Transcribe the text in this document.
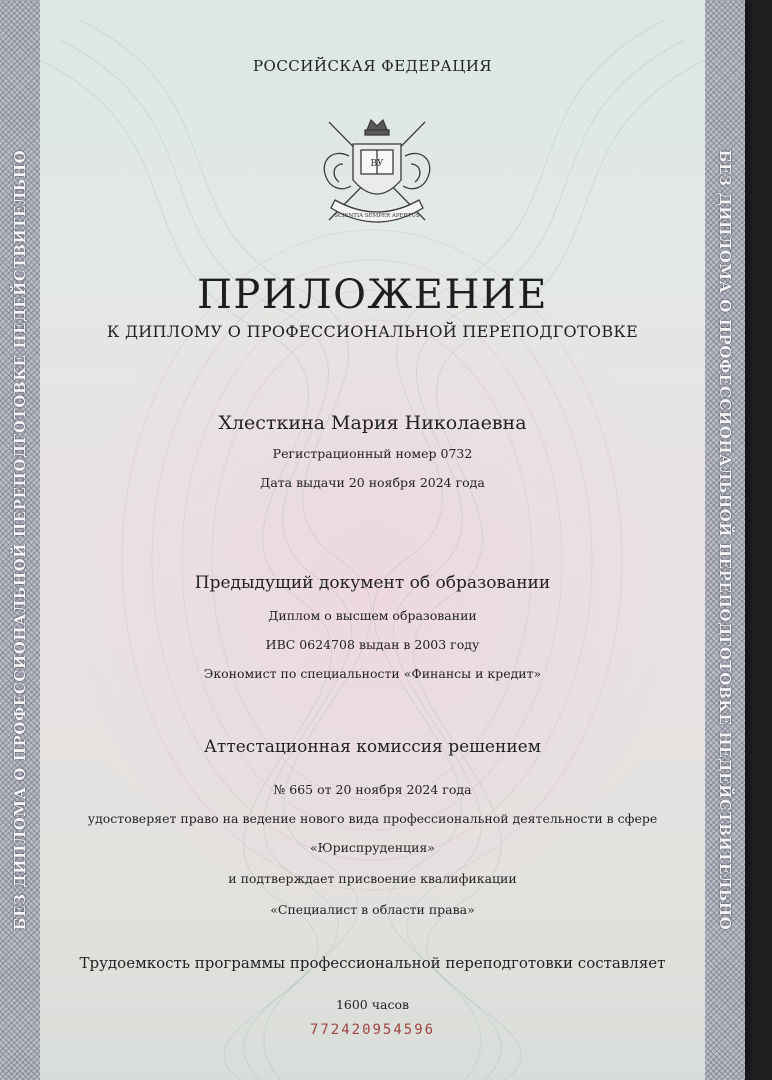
БЕЗ ДИПЛОМА О ПРОФЕССИОНАЛЬНОЙ ПЕРЕПОДГОТОВКЕ НЕДЕЙСТВИТЕЛЬНО	БЕЗ ДИПЛОМА О ПРОФЕССИОНАЛЬНОЙ ПЕРЕПОДГОТОВКЕ НЕДЕЙСТВИТЕЛЬНО
РОССИЙСКАЯ ФЕДЕРАЦИЯ
ВУ
SCIENTIA SEMPER APERTUS
ПРИЛОЖЕНИЕ
К ДИПЛОМУ О ПРОФЕССИОНАЛЬНОЙ ПЕРЕПОДГОТОВКЕ
Хлесткина Мария Николаевна
Регистрационный номер 0732
Дата выдачи 20 ноября 2024 года
Предыдущий документ об образовании
Диплом о высшем образовании
ИВС 0624708 выдан в 2003 году
Экономист по специальности «Финансы и кредит»
Аттестационная комиссия решением
№ 665 от 20 ноября 2024 года
удостоверяет право на ведение нового вида профессиональной деятельности в сфере
«Юриспруденция»
и подтверждает присвоение квалификации
«Специалист в области права»
Трудоемкость программы профессиональной переподготовки составляет
1600 часов
772420954596
